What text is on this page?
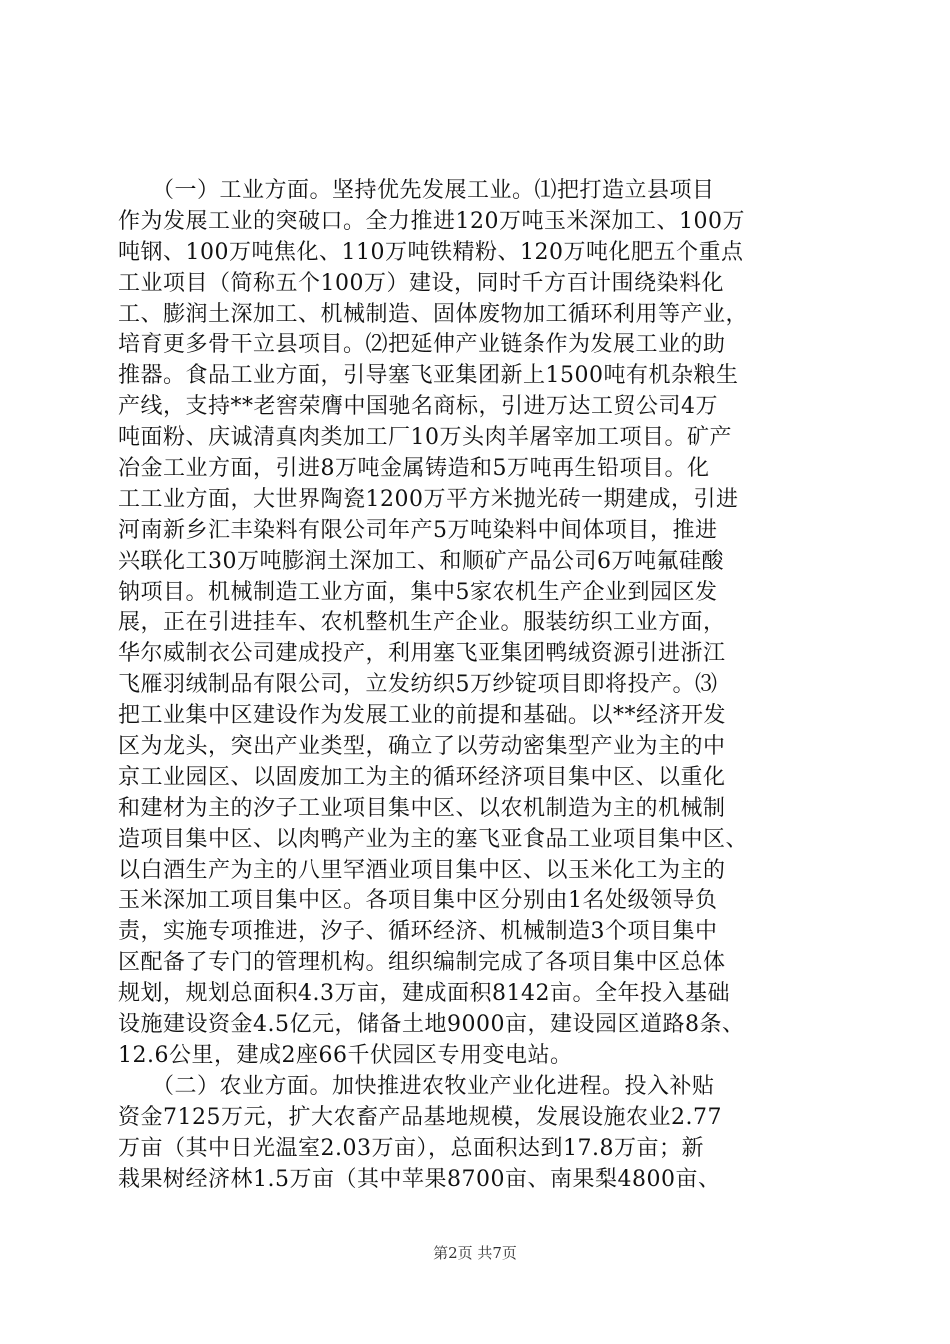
　　（一）工业方面。坚持优先发展工业。⑴把打造立县项目
作为发展工业的突破口。全力推进120万吨玉米深加工、100万
吨钢、100万吨焦化、110万吨铁精粉、120万吨化肥五个重点
工业项目（简称五个100万）建设，同时千方百计围绕染料化
工、膨润土深加工、机械制造、固体废物加工循环利用等产业，
培育更多骨干立县项目。⑵把延伸产业链条作为发展工业的助
推器。食品工业方面，引导塞飞亚集团新上1500吨有机杂粮生
产线，支持**老窖荣膺中国驰名商标，引进万达工贸公司4万
吨面粉、庆诚清真肉类加工厂10万头肉羊屠宰加工项目。矿产
冶金工业方面，引进8万吨金属铸造和5万吨再生铅项目。化
工工业方面，大世界陶瓷1200万平方米抛光砖一期建成，引进
河南新乡汇丰染料有限公司年产5万吨染料中间体项目，推进
兴联化工30万吨膨润土深加工、和顺矿产品公司6万吨氟硅酸
钠项目。机械制造工业方面，集中5家农机生产企业到园区发
展，正在引进挂车、农机整机生产企业。服装纺织工业方面，
华尔威制衣公司建成投产，利用塞飞亚集团鸭绒资源引进浙江
飞雁羽绒制品有限公司，立发纺织5万纱锭项目即将投产。⑶
把工业集中区建设作为发展工业的前提和基础。以**经济开发
区为龙头，突出产业类型，确立了以劳动密集型产业为主的中
京工业园区、以固废加工为主的循环经济项目集中区、以重化
和建材为主的汐子工业项目集中区、以农机制造为主的机械制
造项目集中区、以肉鸭产业为主的塞飞亚食品工业项目集中区、
以白酒生产为主的八里罕酒业项目集中区、以玉米化工为主的
玉米深加工项目集中区。各项目集中区分别由1名处级领导负
责，实施专项推进，汐子、循环经济、机械制造3个项目集中
区配备了专门的管理机构。组织编制完成了各项目集中区总体
规划，规划总面积4.3万亩，建成面积8142亩。全年投入基础
设施建设资金4.5亿元，储备土地9000亩，建设园区道路8条、
12.6公里，建成2座66千伏园区专用变电站。
　　（二）农业方面。加快推进农牧业产业化进程。投入补贴
资金7125万元，扩大农畜产品基地规模，发展设施农业2.77
万亩（其中日光温室2.03万亩），总面积达到17.8万亩；新
栽果树经济林1.5万亩（其中苹果8700亩、南果梨4800亩、
第2页 共7页
